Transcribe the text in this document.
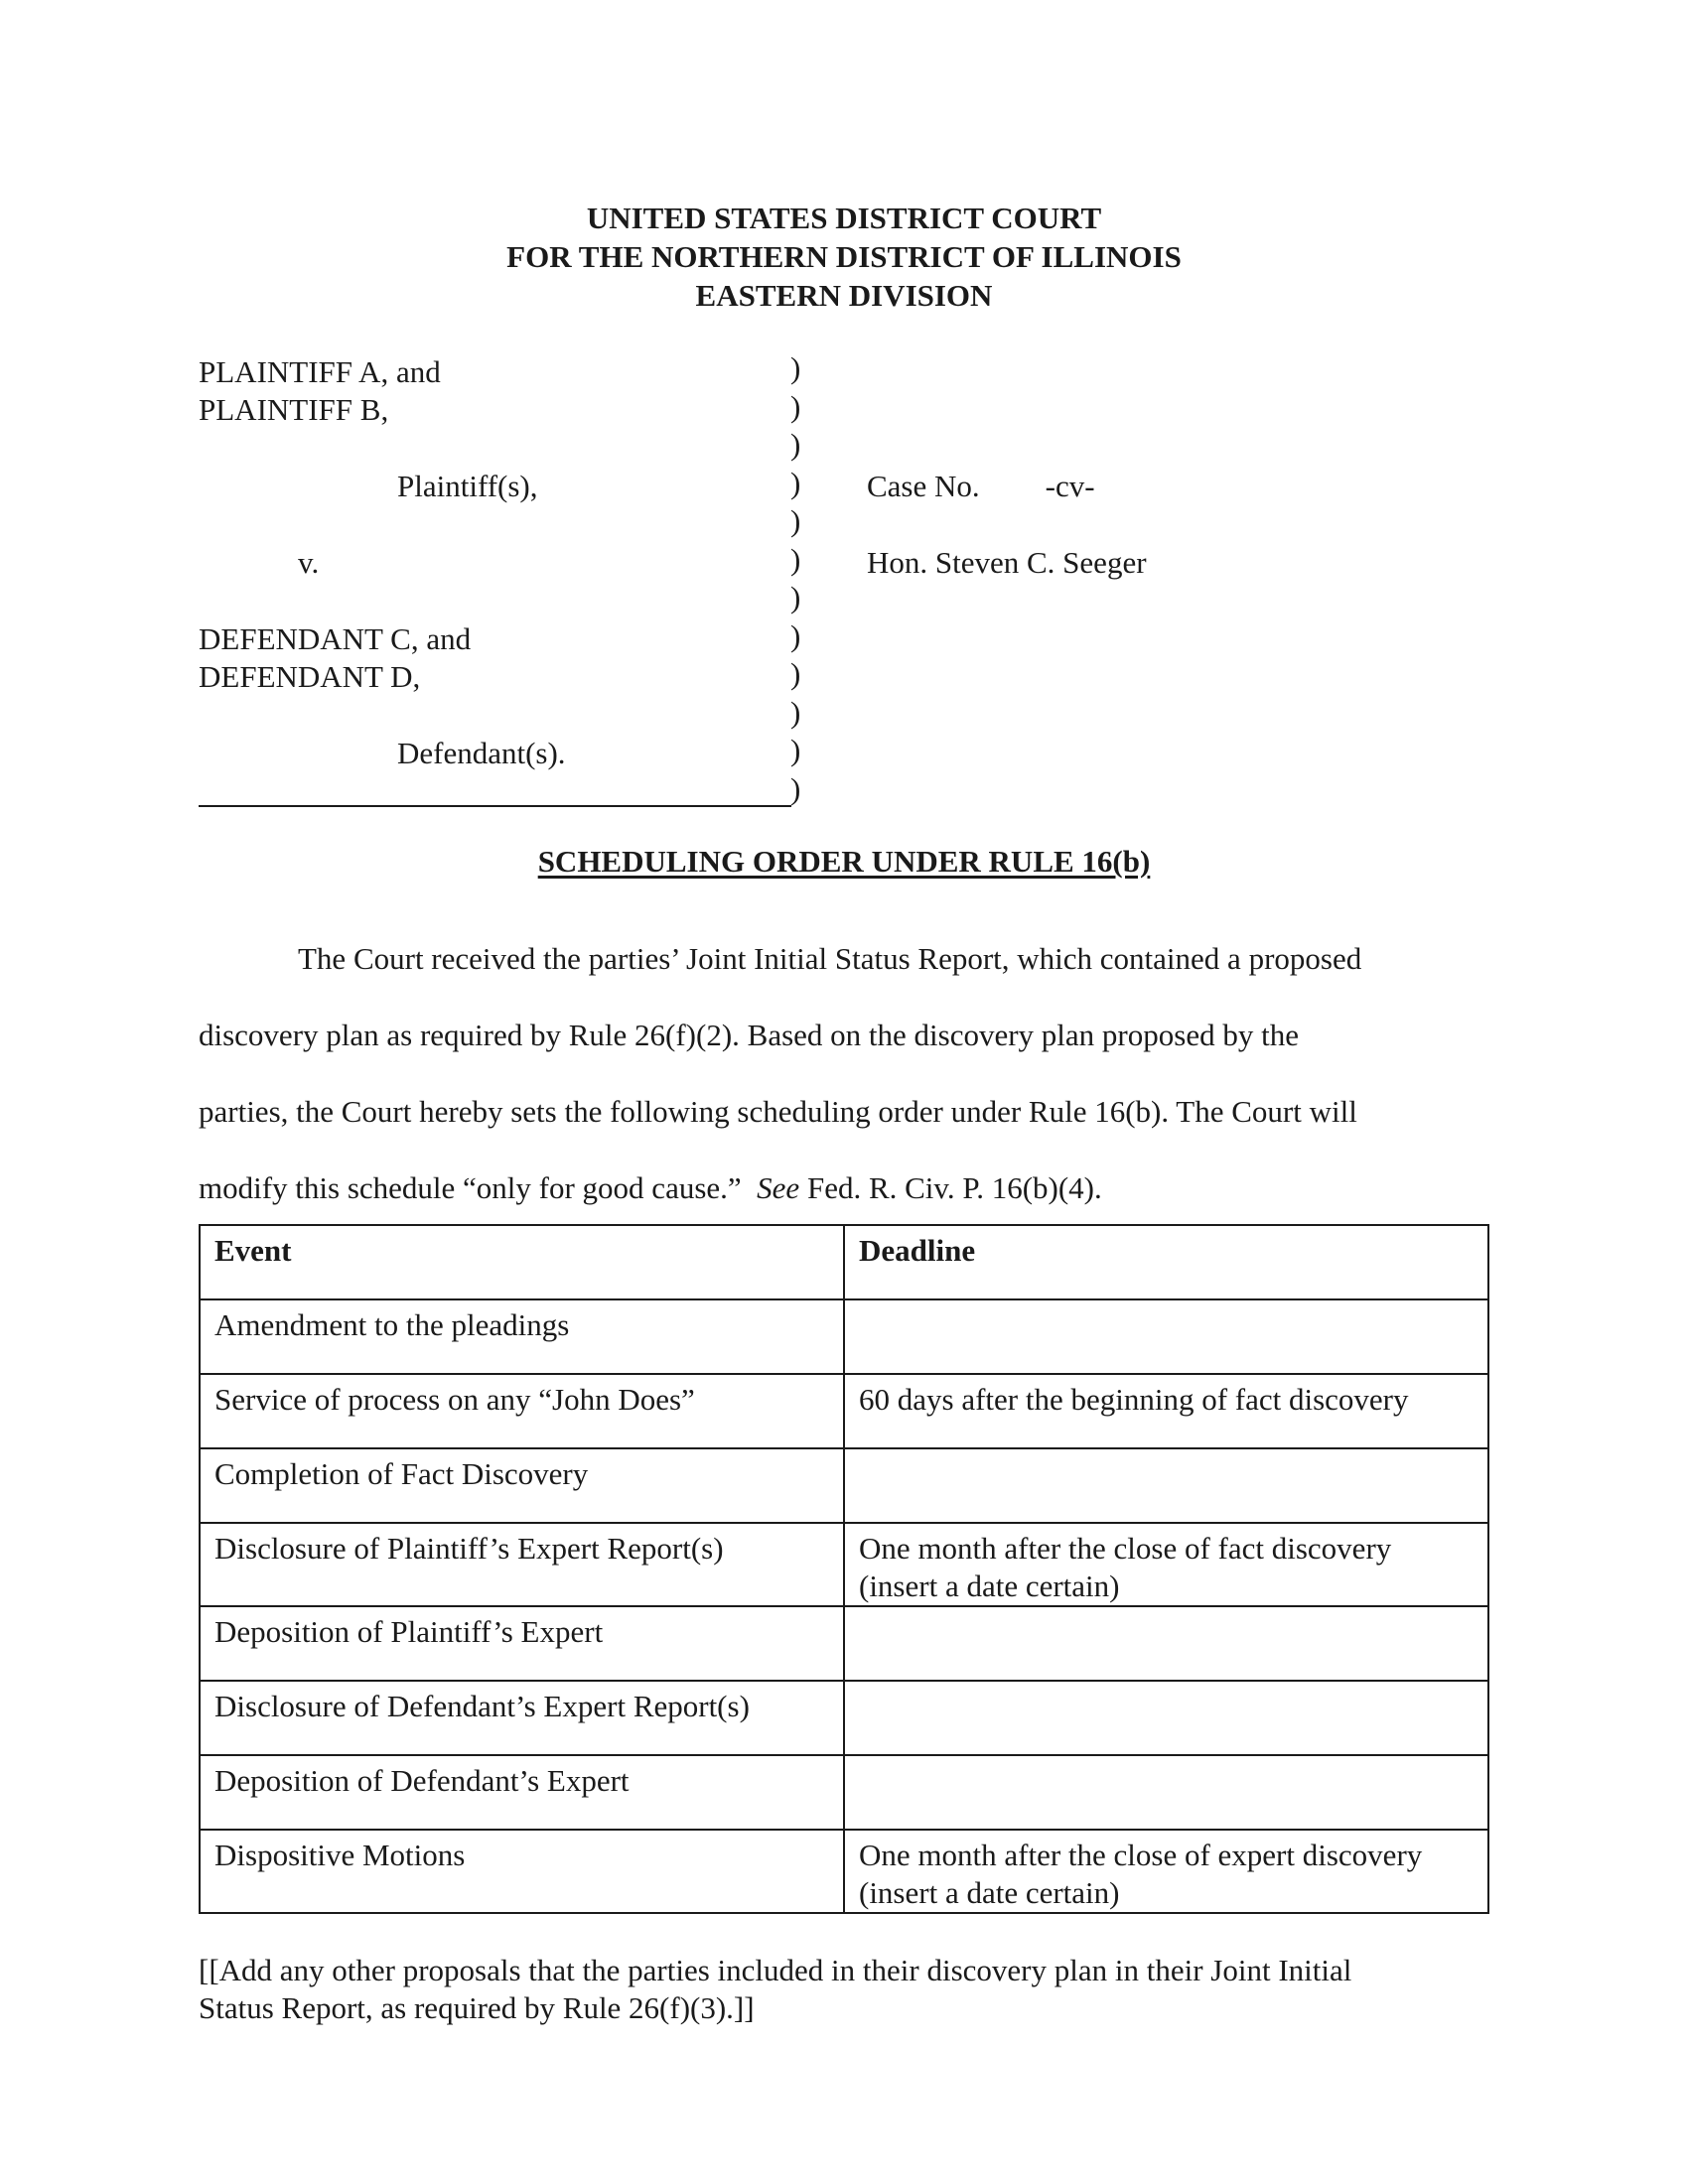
UNITED STATES DISTRICT COURT
FOR THE NORTHERN DISTRICT OF ILLINOIS
EASTERN DIVISION
PLAINTIFF A, and
PLAINTIFF B,
Plaintiff(s),
v.
DEFENDANT C, and
DEFENDANT D,
Defendant(s).
Case No. -cv-
Hon. Steven C. Seeger
)
)
)
)
)
)
)
)
)
)
)
)
SCHEDULING ORDER UNDER RULE 16(b)
The Court received the parties’ Joint Initial Status Report, which contained a proposed
discovery plan as required by Rule 26(f)(2). Based on the discovery plan proposed by the
parties, the Court hereby sets the following scheduling order under Rule 16(b). The Court will
modify this schedule “only for good cause.”  See Fed. R. Civ. P. 16(b)(4).
Event	Deadline
Amendment to the pleadings	

Service of process on any “John Does”	60 days after the beginning of fact discovery

Completion of Fact Discovery	

Disclosure of Plaintiff’s Expert Report(s)	One month after the close of fact discovery
(insert a date certain)

Deposition of Plaintiff’s Expert	

Disclosure of Defendant’s Expert Report(s)	

Deposition of Defendant’s Expert	

Dispositive Motions	One month after the close of expert discovery
(insert a date certain)
[[Add any other proposals that the parties included in their discovery plan in their Joint Initial
Status Report, as required by Rule 26(f)(3).]]
